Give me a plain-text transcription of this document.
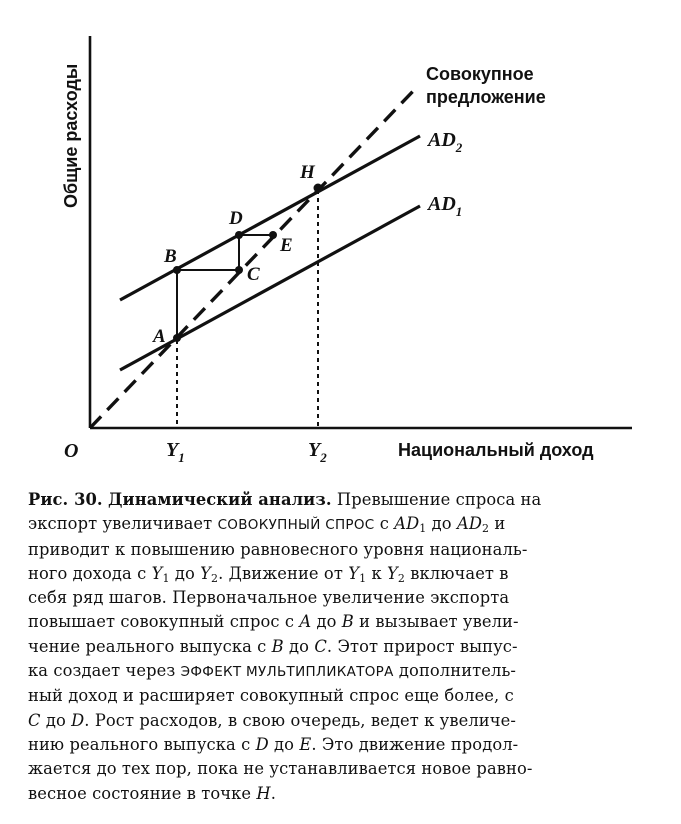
A
B
C
D
E
H
Совокупное
предложение
$AD_2$
$AD_1$
O	$Y_1$	$Y_2$	Национальный доход
Общие расходы
Рис. 30. Динамический анализ. Превышение спроса на
экспорт увеличивает СОВОКУПНЫЙ СПРОС с $AD_1$ до $AD_2$ и
приводит к повышению равновесного уровня националь-
ного дохода с $Y_1$ до $Y_2$. Движение от $Y_1$ к $Y_2$ включает в
себя ряд шагов. Первоначальное увеличение экспорта
повышает совокупный спрос с A до B и вызывает увели-
чение реального выпуска с B до C. Этот прирост выпус-
ка создает через ЭФФЕКТ МУЛЬТИПЛИКАТОРА дополнитель-
ный доход и расширяет совокупный спрос еще более, с
C до D. Рост расходов, в свою очередь, ведет к увеличе-
нию реального выпуска с D до E. Это движение продол-
жается до тех пор, пока не устанавливается новое равно-
весное состояние в точке H.
